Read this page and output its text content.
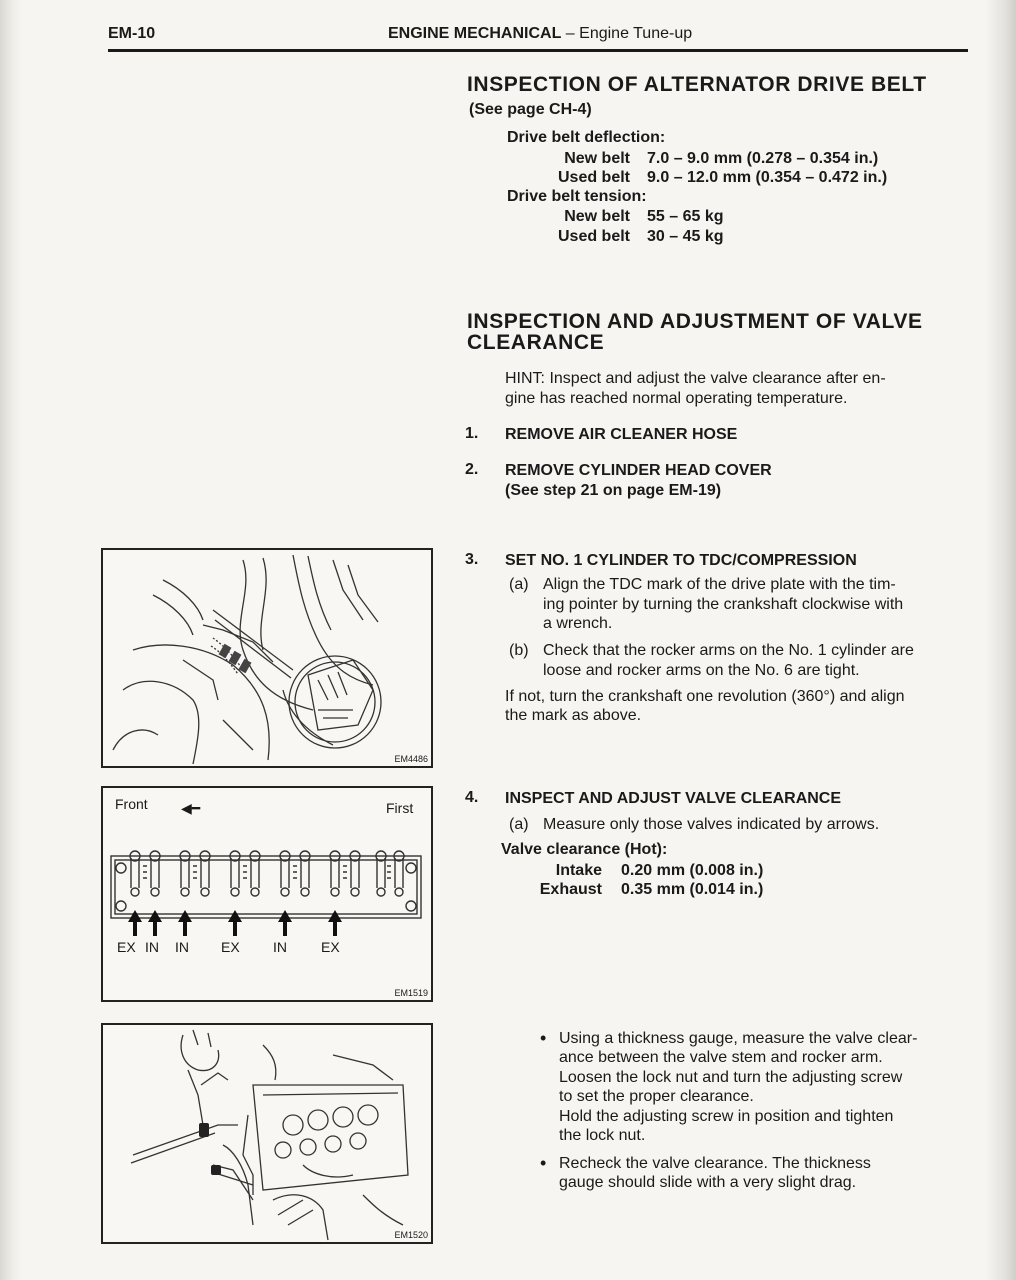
EM-10	ENGINE MECHANICAL – Engine Tune-up
INSPECTION OF ALTERNATOR DRIVE BELT
(See page CH-4)
Drive belt deflection:
New belt 7.0 – 9.0 mm (0.278 – 0.354 in.)
Used belt 9.0 – 12.0 mm (0.354 – 0.472 in.)
Drive belt tension:
New belt 55 – 65 kg
Used belt 30 – 45 kg
INSPECTION AND ADJUSTMENT OF VALVE
CLEARANCE
HINT: Inspect and adjust the valve clearance after en-
gine has reached normal operating temperature.
1. REMOVE AIR CLEANER HOSE
2. REMOVE CYLINDER HEAD COVER
(See step 21 on page EM-19)
3. SET NO. 1 CYLINDER TO TDC/COMPRESSION
(a) Align the TDC mark of the drive plate with the tim-
ing pointer by turning the crankshaft clockwise with
a wrench.
(b) Check that the rocker arms on the No. 1 cylinder are
loose and rocker arms on the No. 6 are tight.
If not, turn the crankshaft one revolution (360°) and align
the mark as above.
4. INSPECT AND ADJUST VALVE CLEARANCE
(a) Measure only those valves indicated by arrows.
Valve clearance (Hot):
Intake 0.20 mm (0.008 in.)
Exhaust 0.35 mm (0.014 in.)
• Using a thickness gauge, measure the valve clear-
ance between the valve stem and rocker arm.
Loosen the lock nut and turn the adjusting screw
to set the proper clearance.
Hold the adjusting screw in position and tighten
the lock nut.
• Recheck the valve clearance. The thickness
gauge should slide with a very slight drag.
EM4486
Front ◀━	First
EX IN IN EX IN EX
EM1519
EM1520
